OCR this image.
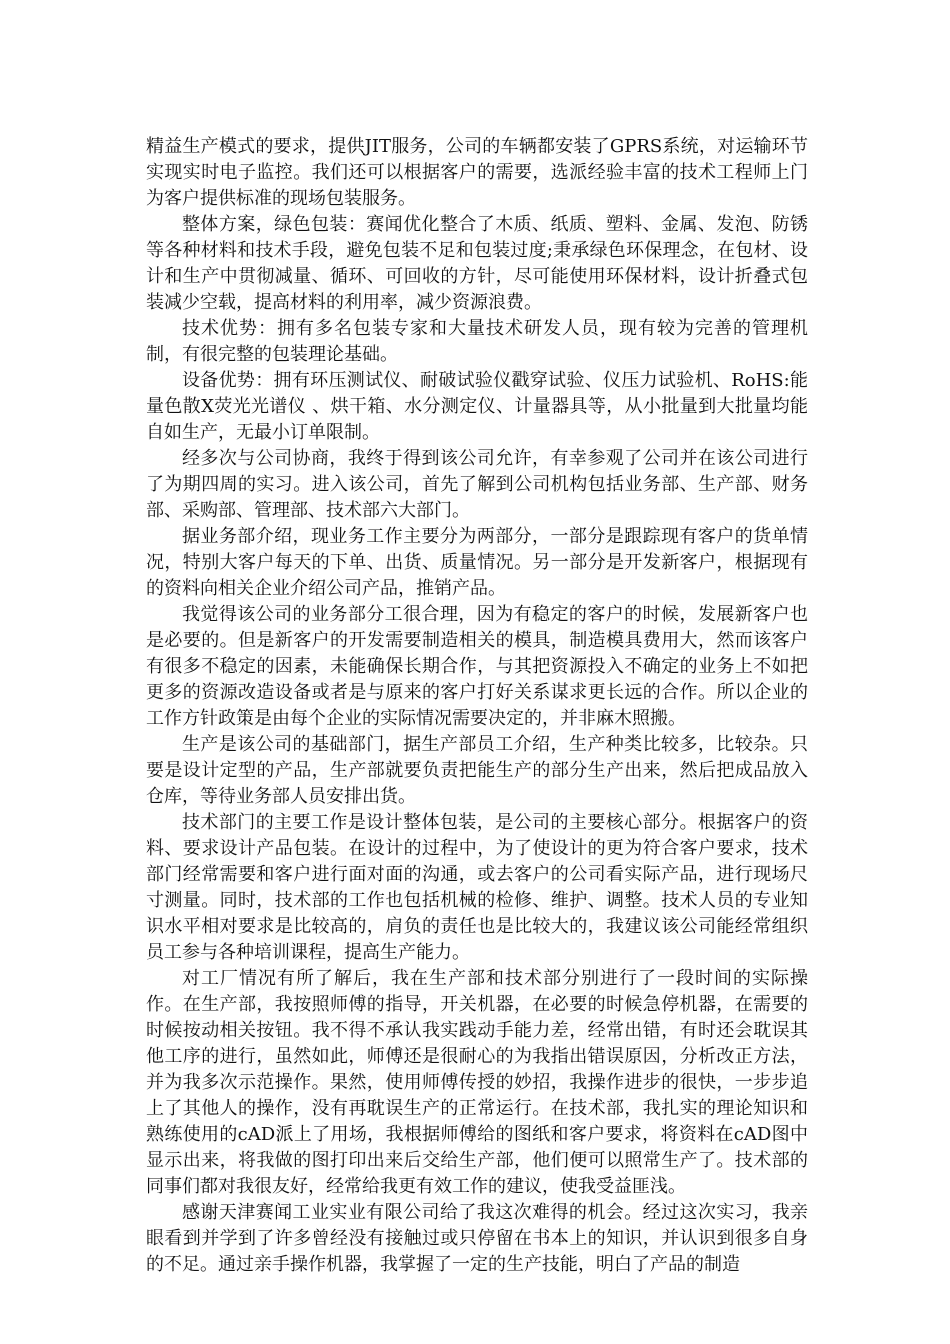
精益生产模式的要求，提供JIT服务，公司的车辆都安装了GPRS系统，对运输环节实现实时电子监控。我们还可以根据客户的需要，选派经验丰富的技术工程师上门为客户提供标准的现场包装服务。

整体方案，绿色包装：赛闻优化整合了木质、纸质、塑料、金属、发泡、防锈等各种材料和技术手段，避免包装不足和包装过度;秉承绿色环保理念，在包材、设计和生产中贯彻减量、循环、可回收的方针，尽可能使用环保材料，设计折叠式包装减少空载，提高材料的利用率，减少资源浪费。

技术优势：拥有多名包装专家和大量技术研发人员，现有较为完善的管理机制，有很完整的包装理论基础。

设备优势：拥有环压测试仪、耐破试验仪戳穿试验、仪压力试验机、RoHS:能量色散X荧光光谱仪 、烘干箱、水分测定仪、计量器具等，从小批量到大批量均能自如生产，无最小订单限制。

经多次与公司协商，我终于得到该公司允许，有幸参观了公司并在该公司进行了为期四周的实习。进入该公司，首先了解到公司机构包括业务部、生产部、财务部、采购部、管理部、技术部六大部门。

据业务部介绍，现业务工作主要分为两部分，一部分是跟踪现有客户的货单情况，特别大客户每天的下单、出货、质量情况。另一部分是开发新客户，根据现有的资料向相关企业介绍公司产品，推销产品。

我觉得该公司的业务部分工很合理，因为有稳定的客户的时候，发展新客户也是必要的。但是新客户的开发需要制造相关的模具，制造模具费用大，然而该客户有很多不稳定的因素，未能确保长期合作，与其把资源投入不确定的业务上不如把更多的资源改造设备或者是与原来的客户打好关系谋求更长远的合作。所以企业的工作方针政策是由每个企业的实际情况需要决定的，并非麻木照搬。

生产是该公司的基础部门，据生产部员工介绍，生产种类比较多，比较杂。只要是设计定型的产品，生产部就要负责把能生产的部分生产出来，然后把成品放入仓库，等待业务部人员安排出货。

技术部门的主要工作是设计整体包装，是公司的主要核心部分。根据客户的资料、要求设计产品包装。在设计的过程中，为了使设计的更为符合客户要求，技术部门经常需要和客户进行面对面的沟通，或去客户的公司看实际产品，进行现场尺寸测量。同时，技术部的工作也包括机械的检修、维护、调整。技术人员的专业知识水平相对要求是比较高的，肩负的责任也是比较大的，我建议该公司能经常组织员工参与各种培训课程，提高生产能力。

对工厂情况有所了解后，我在生产部和技术部分别进行了一段时间的实际操作。在生产部，我按照师傅的指导，开关机器，在必要的时候急停机器，在需要的时候按动相关按钮。我不得不承认我实践动手能力差，经常出错，有时还会耽误其他工序的进行，虽然如此，师傅还是很耐心的为我指出错误原因，分析改正方法，并为我多次示范操作。果然，使用师傅传授的妙招，我操作进步的很快，一步步追上了其他人的操作，没有再耽误生产的正常运行。在技术部，我扎实的理论知识和熟练使用的cAD派上了用场，我根据师傅给的图纸和客户要求，将资料在cAD图中显示出来，将我做的图打印出来后交给生产部，他们便可以照常生产了。技术部的同事们都对我很友好，经常给我更有效工作的建议，使我受益匪浅。

感谢天津赛闻工业实业有限公司给了我这次难得的机会。经过这次实习，我亲眼看到并学到了许多曾经没有接触过或只停留在书本上的知识，并认识到很多自身的不足。通过亲手操作机器，我掌握了一定的生产技能，明白了产品的制造
